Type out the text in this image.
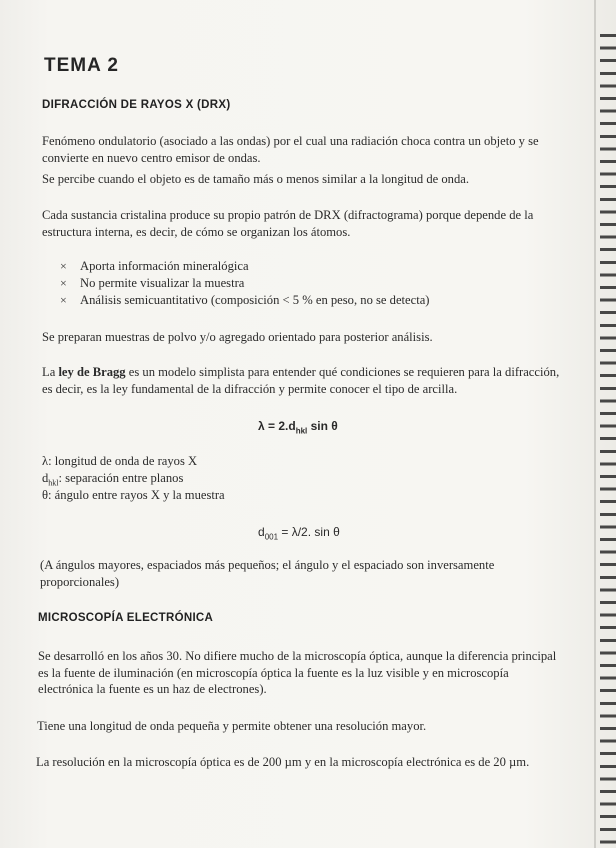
TEMA 2
DIFRACCIÓN DE RAYOS X (DRX)
Fenómeno ondulatorio (asociado a las ondas) por el cual una radiación choca contra un objeto y se convierte en nuevo centro emisor de ondas.
Se percibe cuando el objeto es de tamaño más o menos similar a la longitud de onda.
Cada sustancia cristalina produce su propio patrón de DRX (difractograma) porque depende de la estructura interna, es decir, de cómo se organizan los átomos.
× Aporta información mineralógica
× No permite visualizar la muestra
× Análisis semicuantitativo (composición < 5 % en peso, no se detecta)
Se preparan muestras de polvo y/o agregado orientado para posterior análisis.
La ley de Bragg es un modelo simplista para entender qué condiciones se requieren para la difracción, es decir, es la ley fundamental de la difracción y permite conocer el tipo de arcilla.
$\lambda = 2.d_{hkl}$ sin θ
λ: longitud de onda de rayos X
$d_{hkl}$: separación entre planos
θ: ángulo entre rayos X y la muestra
$d_{001} = \lambda/2$. sin θ
(A ángulos mayores, espaciados más pequeños; el ángulo y el espaciado son inversamente proporcionales)
MICROSCOPÍA ELECTRÓNICA
Se desarrolló en los años 30. No difiere mucho de la microscopía óptica, aunque la diferencia principal es la fuente de iluminación (en microscopía óptica la fuente es la luz visible y en microscopía electrónica la fuente es un haz de electrones).
Tiene una longitud de onda pequeña y permite obtener una resolución mayor.
La resolución en la microscopía óptica es de 200 µm y en la microscopía electrónica es de 20 µm.
